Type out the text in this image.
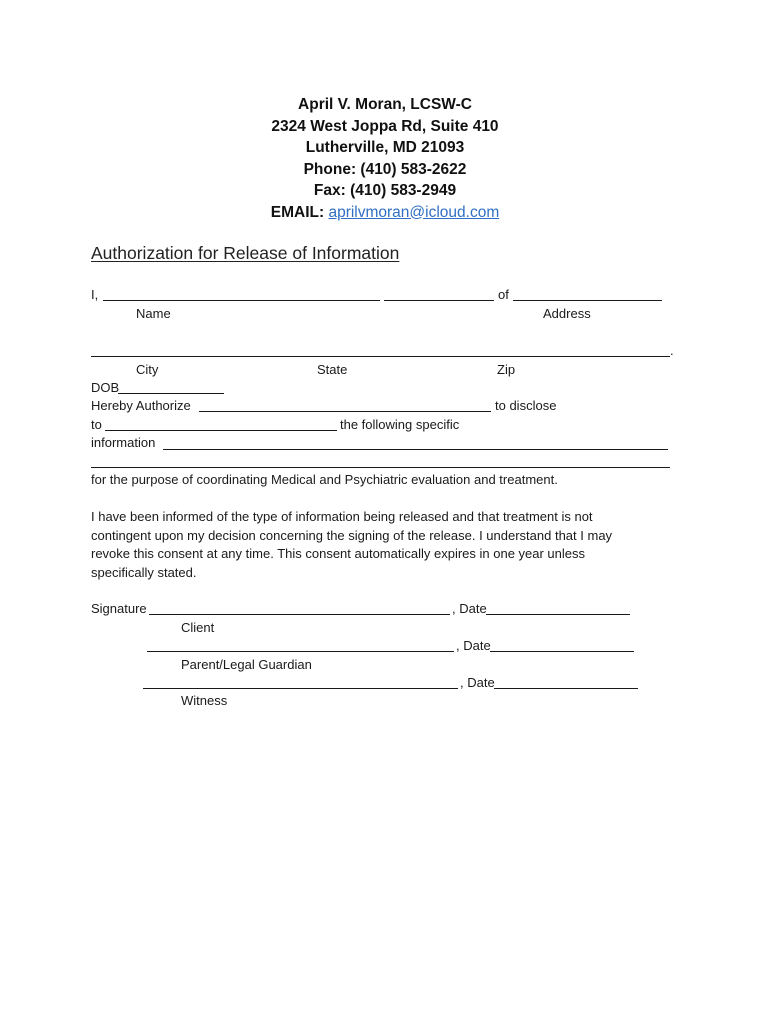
April V. Moran, LCSW-C
2324 West Joppa Rd, Suite 410
Lutherville, MD 21093
Phone: (410) 583-2622
Fax: (410) 583-2949
EMAIL: aprilvmoran@icloud.com
Authorization for Release of Information
I,	of
Name	Address
.
City	State	Zip
DOB
Hereby Authorize	to disclose
to	the following specific
information
for the purpose of coordinating Medical and Psychiatric evaluation and treatment.
I have been informed of the type of information being released and that treatment is not
contingent upon my decision concerning the signing of the release. I understand that I may
revoke this consent at any time. This consent automatically expires in one year unless
specifically stated.
Signature	, Date
Client
, Date
Parent/Legal Guardian
, Date
Witness
